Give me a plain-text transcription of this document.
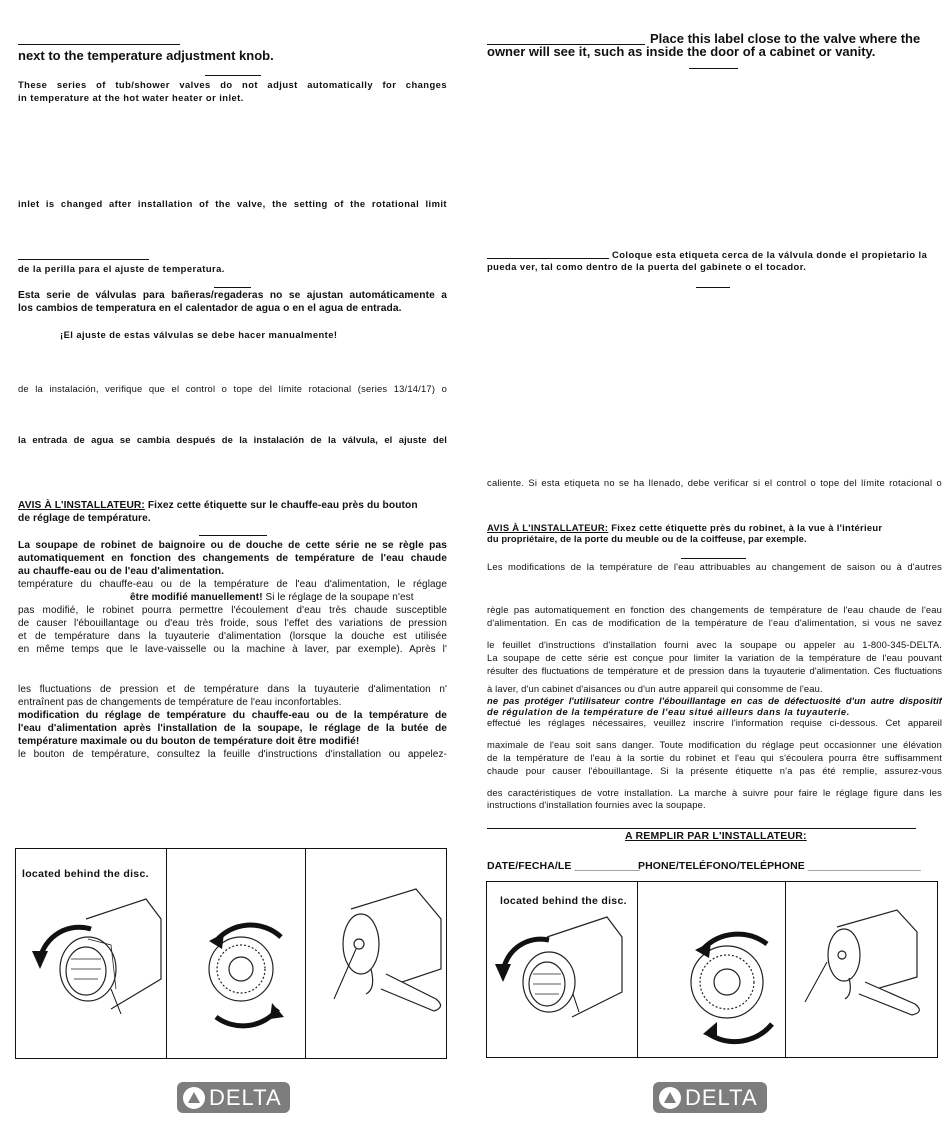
next to the temperature adjustment knob.
These series of tub/shower valves do not adjust automatically for changes
in temperature at the hot water heater or inlet.
inlet is changed after installation of the valve, the setting of the rotational limit
de la perilla para el ajuste de temperatura.
Esta serie de válvulas para bañeras/regaderas no se ajustan automáticamente a
los cambios de temperatura en el calentador de agua o en el agua de entrada.
¡El ajuste de estas válvulas se debe hacer manualmente!
de la instalación, verifique que el control o tope del límite rotacional (series 13/14/17) o
la entrada de agua se cambia después de la instalación de la válvula, el ajuste del
AVIS À L'INSTALLATEUR: Fixez cette étiquette sur le chauffe-eau près du bouton
de réglage de température.
La soupape de robinet de baignoire ou de douche de cette série ne se règle pas
automatiquement en fonction des changements de température de l'eau chaude
au chauffe-eau ou de l'eau d'alimentation.
température du chauffe-eau ou de la température de l'eau d'alimentation, le réglage
être modifié manuellement! Si le réglage de la soupape n'est
pas modifié, le robinet pourra permettre l'écoulement d'eau très chaude susceptible
de causer l'ébouillantage ou d'eau très froide, sous l'effet des variations de pression
et de température dans la tuyauterie d'alimentation (lorsque la douche est utilisée
en même temps que le lave-vaisselle ou la machine à laver, par exemple). Après l'
les fluctuations de pression et de température dans la tuyauterie d'alimentation n'
entraînent pas de changements de température de l'eau inconfortables.
modification du réglage de température du chauffe-eau ou de la température de
l'eau d'alimentation après l'installation de la soupape, le réglage de la butée de
température maximale ou du bouton de température doit être modifié!
le bouton de température, consultez la feuille d'instructions d'installation ou appelez-
located behind the disc.
DELTA
Place this label close to the valve where the
owner will see it, such as inside the door of a cabinet or vanity.
Coloque esta etiqueta cerca de la válvula donde el propietario la
pueda ver, tal como dentro de la puerta del gabinete o el tocador.
caliente. Si esta etiqueta no se ha llenado, debe verificar si el control o tope del límite rotacional o
AVIS À L'INSTALLATEUR: Fixez cette étiquette près du robinet, à la vue à l'intérieur
du propriétaire, de la porte du meuble ou de la coiffeuse, par exemple.
Les modifications de la température de l'eau attribuables au changement de saison ou à d'autres
règle pas automatiquement en fonction des changements de température de l'eau chaude de l'eau
d'alimentation. En cas de modification de la température de l'eau d'alimentation, si vous ne savez
le feuillet d'instructions d'installation fourni avec la soupape ou appeler au 1-800-345-DELTA.
La soupape de cette série est conçue pour limiter la variation de la température de l'eau pouvant
résulter des fluctuations de température et de pression dans la tuyauterie d'alimentation. Ces fluctuations
à laver, d'un cabinet d'aisances ou d'un autre appareil qui consomme de l'eau.
ne pas protéger l'utilisateur contre l'ébouillantage en cas de défectuosité d'un autre dispositif
de régulation de la température de l'eau situé ailleurs dans la tuyauterie.
effectué les réglages nécessaires, veuillez inscrire l'information requise ci-dessous. Cet appareil
maximale de l'eau soit sans danger. Toute modification du réglage peut occasionner une élévation
de la température de l'eau à la sortie du robinet et l'eau qui s'écoulera pourra être suffisamment
chaude pour causer l'ébouillantage. Si la présente étiquette n'a pas été remplie, assurez-vous
des caractéristiques de votre installation. La marche à suivre pour faire le réglage figure dans les
instructions d'installation fournies avec la soupape.
A REMPLIR PAR L'INSTALLATEUR:
DATE/FECHA/LE ___________
PHONE/TELÉFONO/TELÉPHONE ___________________
located behind the disc.
DELTA
